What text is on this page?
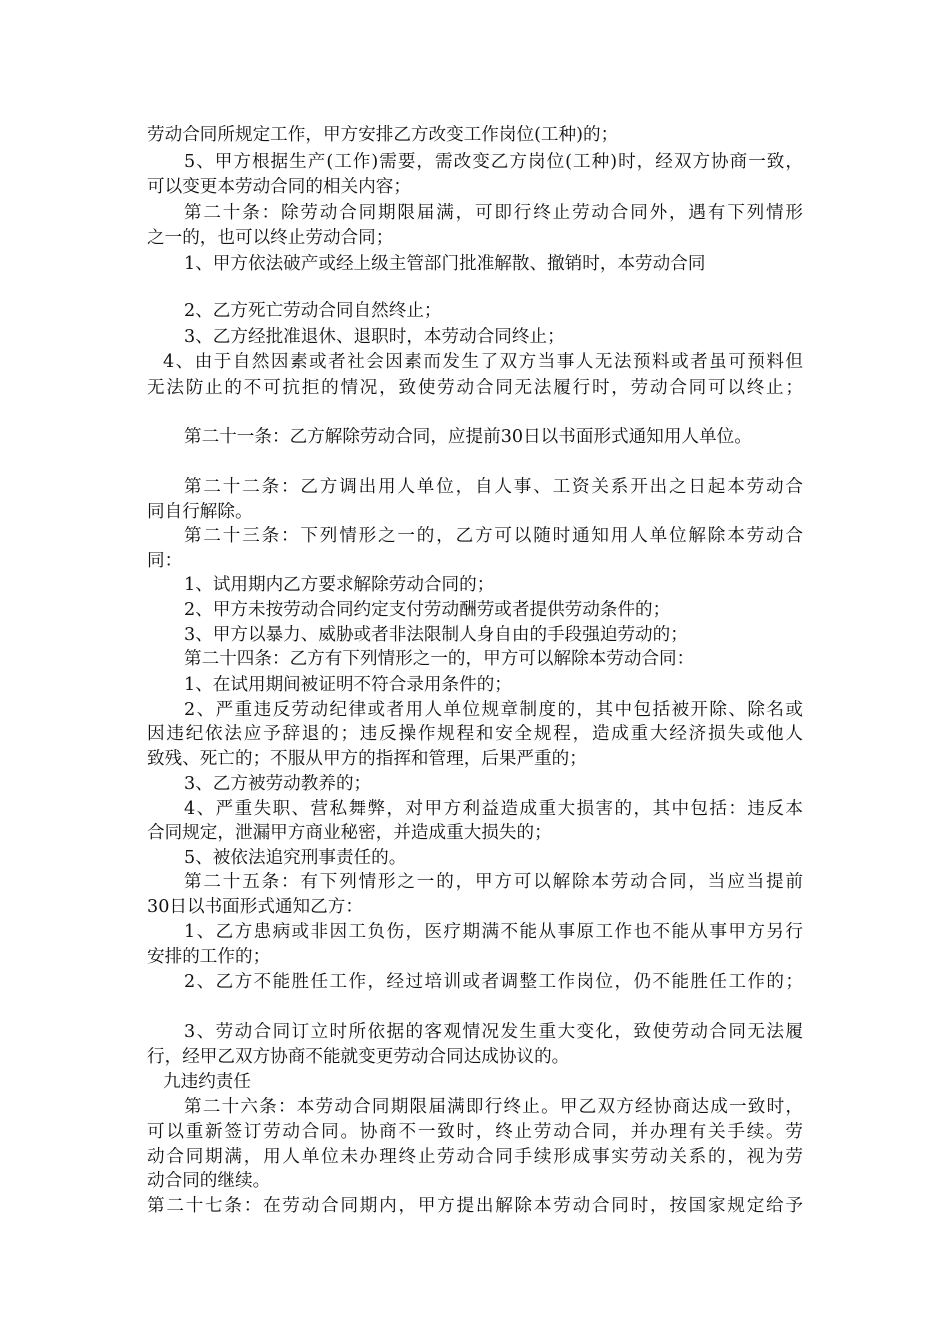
劳动合同所规定工作，甲方安排乙方改变工作岗位(工种)的；
5、甲方根据生产(工作)需要，需改变乙方岗位(工种)时，经双方协商一致，
可以变更本劳动合同的相关内容；
第二十条：除劳动合同期限届满，可即行终止劳动合同外，遇有下列情形
之一的，也可以终止劳动合同；
1、甲方依法破产或经上级主管部门批准解散、撤销时，本劳动合同
2、乙方死亡劳动合同自然终止；
3、乙方经批准退休、退职时，本劳动合同终止；
4、由于自然因素或者社会因素而发生了双方当事人无法预料或者虽可预料但
无法防止的不可抗拒的情况，致使劳动合同无法履行时，劳动合同可以终止；
第二十一条：乙方解除劳动合同，应提前30日以书面形式通知用人单位。
第二十二条：乙方调出用人单位，自人事、工资关系开出之日起本劳动合
同自行解除。
第二十三条：下列情形之一的，乙方可以随时通知用人单位解除本劳动合
同：
1、试用期内乙方要求解除劳动合同的；
2、甲方未按劳动合同约定支付劳动酬劳或者提供劳动条件的；
3、甲方以暴力、威胁或者非法限制人身自由的手段强迫劳动的；
第二十四条：乙方有下列情形之一的，甲方可以解除本劳动合同：
1、在试用期间被证明不符合录用条件的；
2、严重违反劳动纪律或者用人单位规章制度的，其中包括被开除、除名或
因违纪依法应予辞退的；违反操作规程和安全规程，造成重大经济损失或他人
致残、死亡的；不服从甲方的指挥和管理，后果严重的；
3、乙方被劳动教养的；
4、严重失职、营私舞弊，对甲方利益造成重大损害的，其中包括：违反本
合同规定，泄漏甲方商业秘密，并造成重大损失的；
5、被依法追究刑事责任的。
第二十五条：有下列情形之一的，甲方可以解除本劳动合同，当应当提前
30日以书面形式通知乙方：
1、乙方患病或非因工负伤，医疗期满不能从事原工作也不能从事甲方另行
安排的工作的；
2、乙方不能胜任工作，经过培训或者调整工作岗位，仍不能胜任工作的；
3、劳动合同订立时所依据的客观情况发生重大变化，致使劳动合同无法履
行，经甲乙双方协商不能就变更劳动合同达成协议的。
九违约责任
第二十六条：本劳动合同期限届满即行终止。甲乙双方经协商达成一致时，
可以重新签订劳动合同。协商不一致时，终止劳动合同，并办理有关手续。劳
动合同期满，用人单位未办理终止劳动合同手续形成事实劳动关系的，视为劳
动合同的继续。
第二十七条：在劳动合同期内，甲方提出解除本劳动合同时，按国家规定给予
